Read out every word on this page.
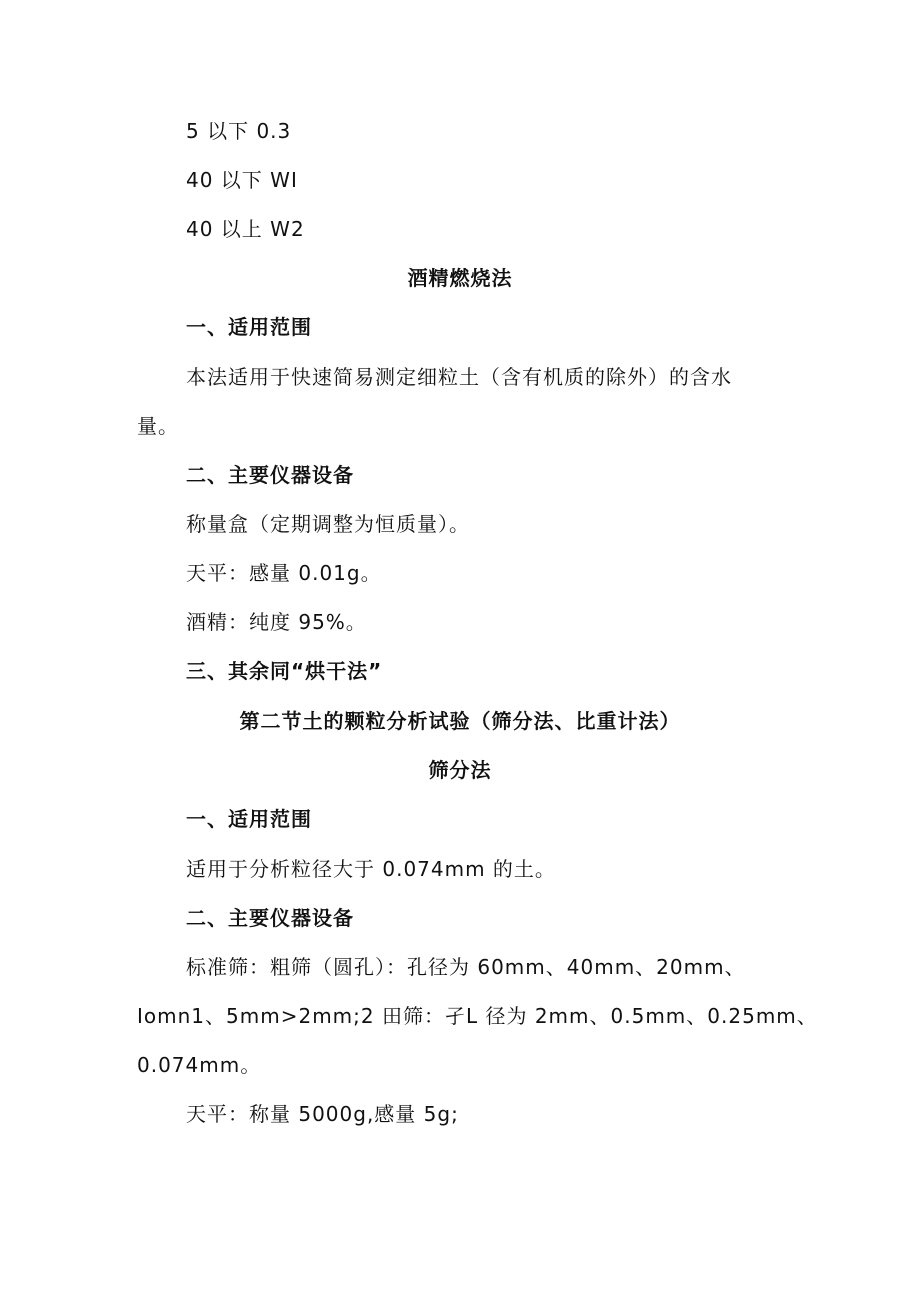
5 以下 0.3
40 以下 WI
40 以上 W2
酒精燃烧法
一、适用范围
本法适用于快速简易测定细粒土（含有机质的除外）的含水
量。
二、主要仪器设备
称量盒（定期调整为恒质量）。
天平：感量 0.01g。
酒精：纯度 95%。
三、其余同“烘干法”
第二节土的颗粒分析试验（筛分法、比重计法）
筛分法
一、适用范围
适用于分析粒径大于 0.074mm 的土。
二、主要仪器设备
标准筛：粗筛（圆孔）：孔径为 60mm、40mm、20mm、
Iomn1、5mm>2mm;2 田筛：孑L 径为 2mm、0.5mm、0.25mm、
0.074mm。
天平：称量 5000g,感量 5g;
